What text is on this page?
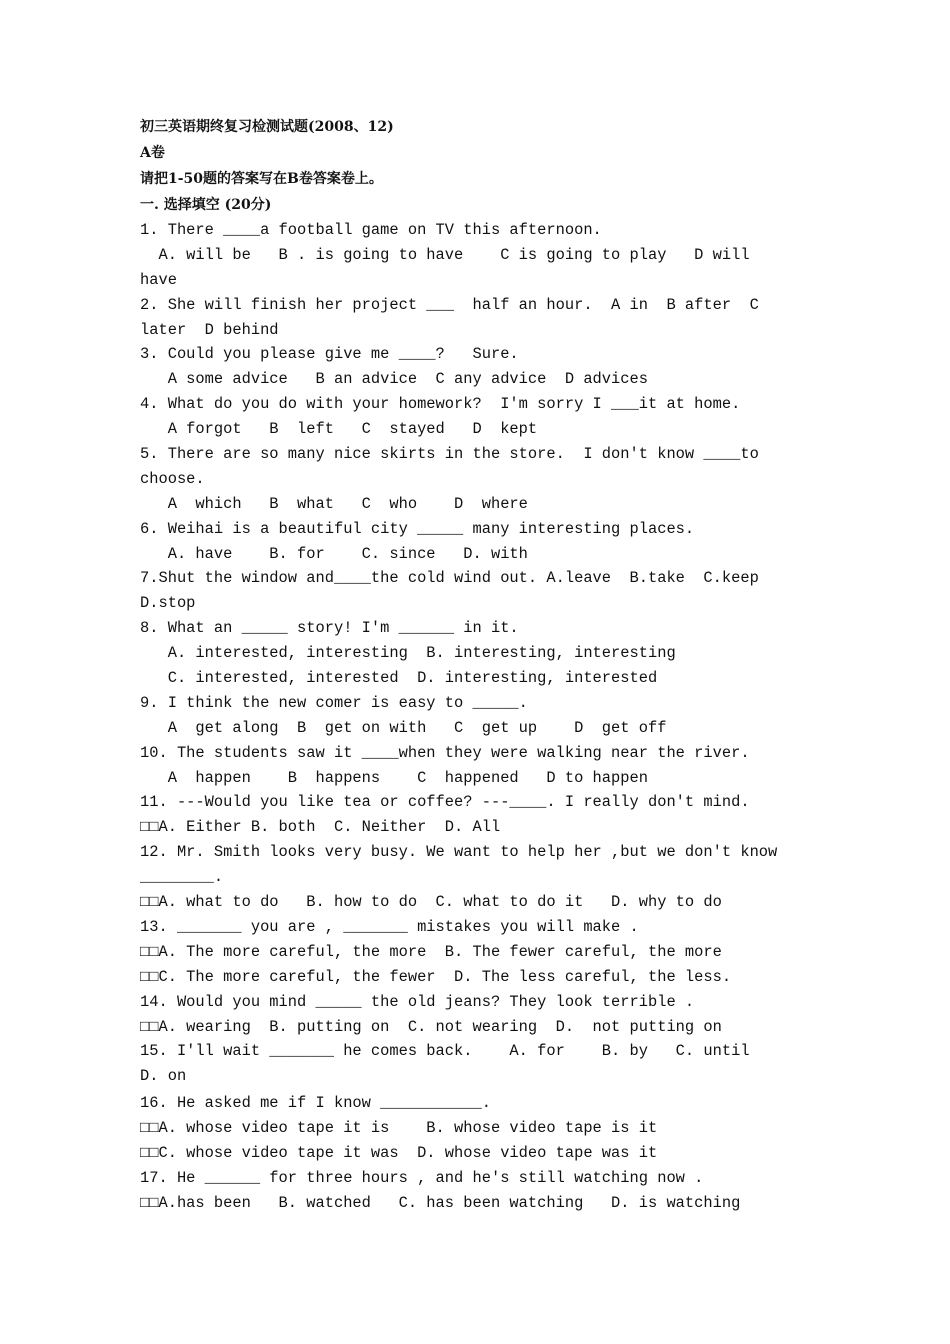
初三英语期终复习检测试题(2008、12)
A卷
请把1-50题的答案写在B卷答案卷上。
一. 选择填空 (20分)
1. There ____a football game on TV this afternoon.
A. will be   B . is going to have    C is going to play   D will
have
2. She will finish her project ___  half an hour.  A in  B after  C
later  D behind
3. Could you please give me ____?   Sure.
A some advice   B an advice  C any advice  D advices
4. What do you do with your homework?  I'm sorry I ___it at home.
A forgot   B  left   C  stayed   D  kept
5. There are so many nice skirts in the store.  I don't know ____to
choose.
A  which   B  what   C  who    D  where
6. Weihai is a beautiful city _____ many interesting places.
A. have    B. for    C. since   D. with
7.Shut the window and____the cold wind out. A.leave  B.take  C.keep
D.stop
8. What an _____ story! I'm ______ in it.
A. interested, interesting  B. interesting, interesting
C. interested, interested  D. interesting, interested
9. I think the new comer is easy to _____.
A  get along  B  get on with   C  get up    D  get off
10. The students saw it ____when they were walking near the river.
A  happen    B  happens    C  happened   D to happen
11. ---Would you like tea or coffee? ---____. I really don't mind.
□□A. Either B. both  C. Neither  D. All
12. Mr. Smith looks very busy. We want to help her ,but we don't know
________.
□□A. what to do   B. how to do  C. what to do it   D. why to do
13. _______ you are , _______ mistakes you will make .
□□A. The more careful, the more  B. The fewer careful, the more
□□C. The more careful, the fewer  D. The less careful, the less.
14. Would you mind _____ the old jeans? They look terrible .
□□A. wearing  B. putting on  C. not wearing  D.  not putting on
15. I'll wait _______ he comes back.    A. for    B. by   C. until
D. on
16. He asked me if I know ___________.
□□A. whose video tape it is    B. whose video tape is it
□□C. whose video tape it was  D. whose video tape was it
17. He ______ for three hours , and he's still watching now .
□□A.has been   B. watched   C. has been watching   D. is watching
